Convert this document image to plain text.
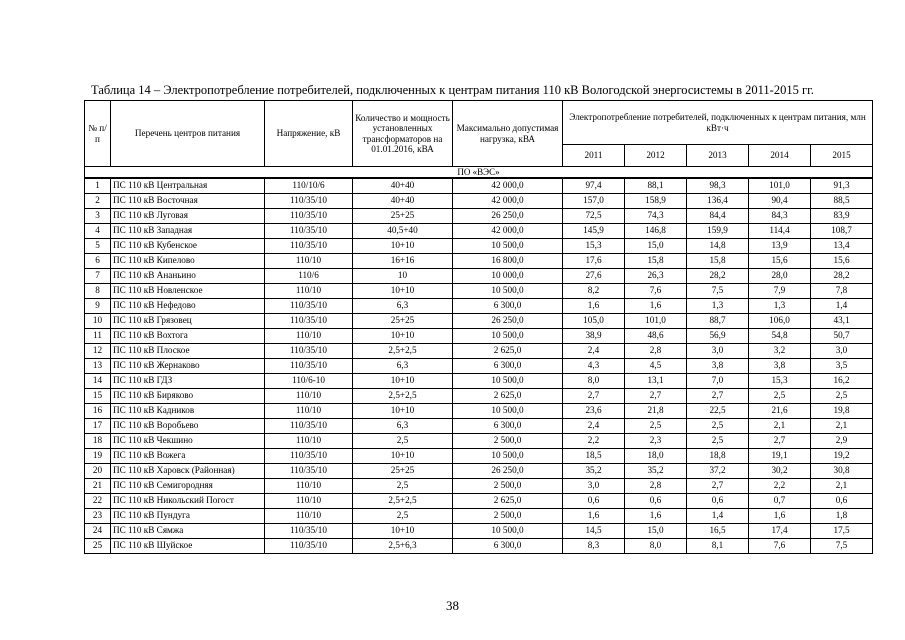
Таблица 14 – Электропотребление потребителей, подключенных к центрам питания 110 кВ Вологодской энергосистемы в 2011-2015 гг.
№ п/п	Перечень центров питания	Напряжение, кВ	Количество и мощность установленных трансформаторов на 01.01.2016, кВА	Максимально допустимая нагрузка, кВА	Электропотребление потребителей, подключенных к центрам питания, млн кВт·ч				
					2011	2012	2013	2014	2015
ПО «ВЭС»									
1	ПС 110 кВ Центральная	110/10/6	40+40	42 000,0	97,4	88,1	98,3	101,0	91,3
2	ПС 110 кВ Восточная	110/35/10	40+40	42 000,0	157,0	158,9	136,4	90,4	88,5
3	ПС 110 кВ Луговая	110/35/10	25+25	26 250,0	72,5	74,3	84,4	84,3	83,9
4	ПС 110 кВ Западная	110/35/10	40,5+40	42 000,0	145,9	146,8	159,9	114,4	108,7
5	ПС 110 кВ Кубенское	110/35/10	10+10	10 500,0	15,3	15,0	14,8	13,9	13,4
6	ПС 110 кВ Кипелово	110/10	16+16	16 800,0	17,6	15,8	15,8	15,6	15,6
7	ПС 110 кВ Ананьино	110/6	10	10 000,0	27,6	26,3	28,2	28,0	28,2
8	ПС 110 кВ Новленское	110/10	10+10	10 500,0	8,2	7,6	7,5	7,9	7,8
9	ПС 110 кВ Нефедово	110/35/10	6,3	6 300,0	1,6	1,6	1,3	1,3	1,4
10	ПС 110 кВ Грязовец	110/35/10	25+25	26 250,0	105,0	101,0	88,7	106,0	43,1
11	ПС 110 кВ Вохтога	110/10	10+10	10 500,0	38,9	48,6	56,9	54,8	50,7
12	ПС 110 кВ Плоское	110/35/10	2,5+2,5	2 625,0	2,4	2,8	3,0	3,2	3,0
13	ПС 110 кВ Жернаково	110/35/10	6,3	6 300,0	4,3	4,5	3,8	3,8	3,5
14	ПС 110 кВ ГДЗ	110/6-10	10+10	10 500,0	8,0	13,1	7,0	15,3	16,2
15	ПС 110 кВ Биряково	110/10	2,5+2,5	2 625,0	2,7	2,7	2,7	2,5	2,5
16	ПС 110 кВ Кадников	110/10	10+10	10 500,0	23,6	21,8	22,5	21,6	19,8
17	ПС 110 кВ Воробьево	110/35/10	6,3	6 300,0	2,4	2,5	2,5	2,1	2,1
18	ПС 110 кВ Чекшино	110/10	2,5	2 500,0	2,2	2,3	2,5	2,7	2,9
19	ПС 110 кВ Вожега	110/35/10	10+10	10 500,0	18,5	18,0	18,8	19,1	19,2
20	ПС 110 кВ Харовск (Районная)	110/35/10	25+25	26 250,0	35,2	35,2	37,2	30,2	30,8
21	ПС 110 кВ Семигородняя	110/10	2,5	2 500,0	3,0	2,8	2,7	2,2	2,1
22	ПС 110 кВ Никольский Погост	110/10	2,5+2,5	2 625,0	0,6	0,6	0,6	0,7	0,6
23	ПС 110 кВ Пундуга	110/10	2,5	2 500,0	1,6	1,6	1,4	1,6	1,8
24	ПС 110 кВ Сямжа	110/35/10	10+10	10 500,0	14,5	15,0	16,5	17,4	17,5
25	ПС 110 кВ Шуйское	110/35/10	2,5+6,3	6 300,0	8,3	8,0	8,1	7,6	7,5
38
